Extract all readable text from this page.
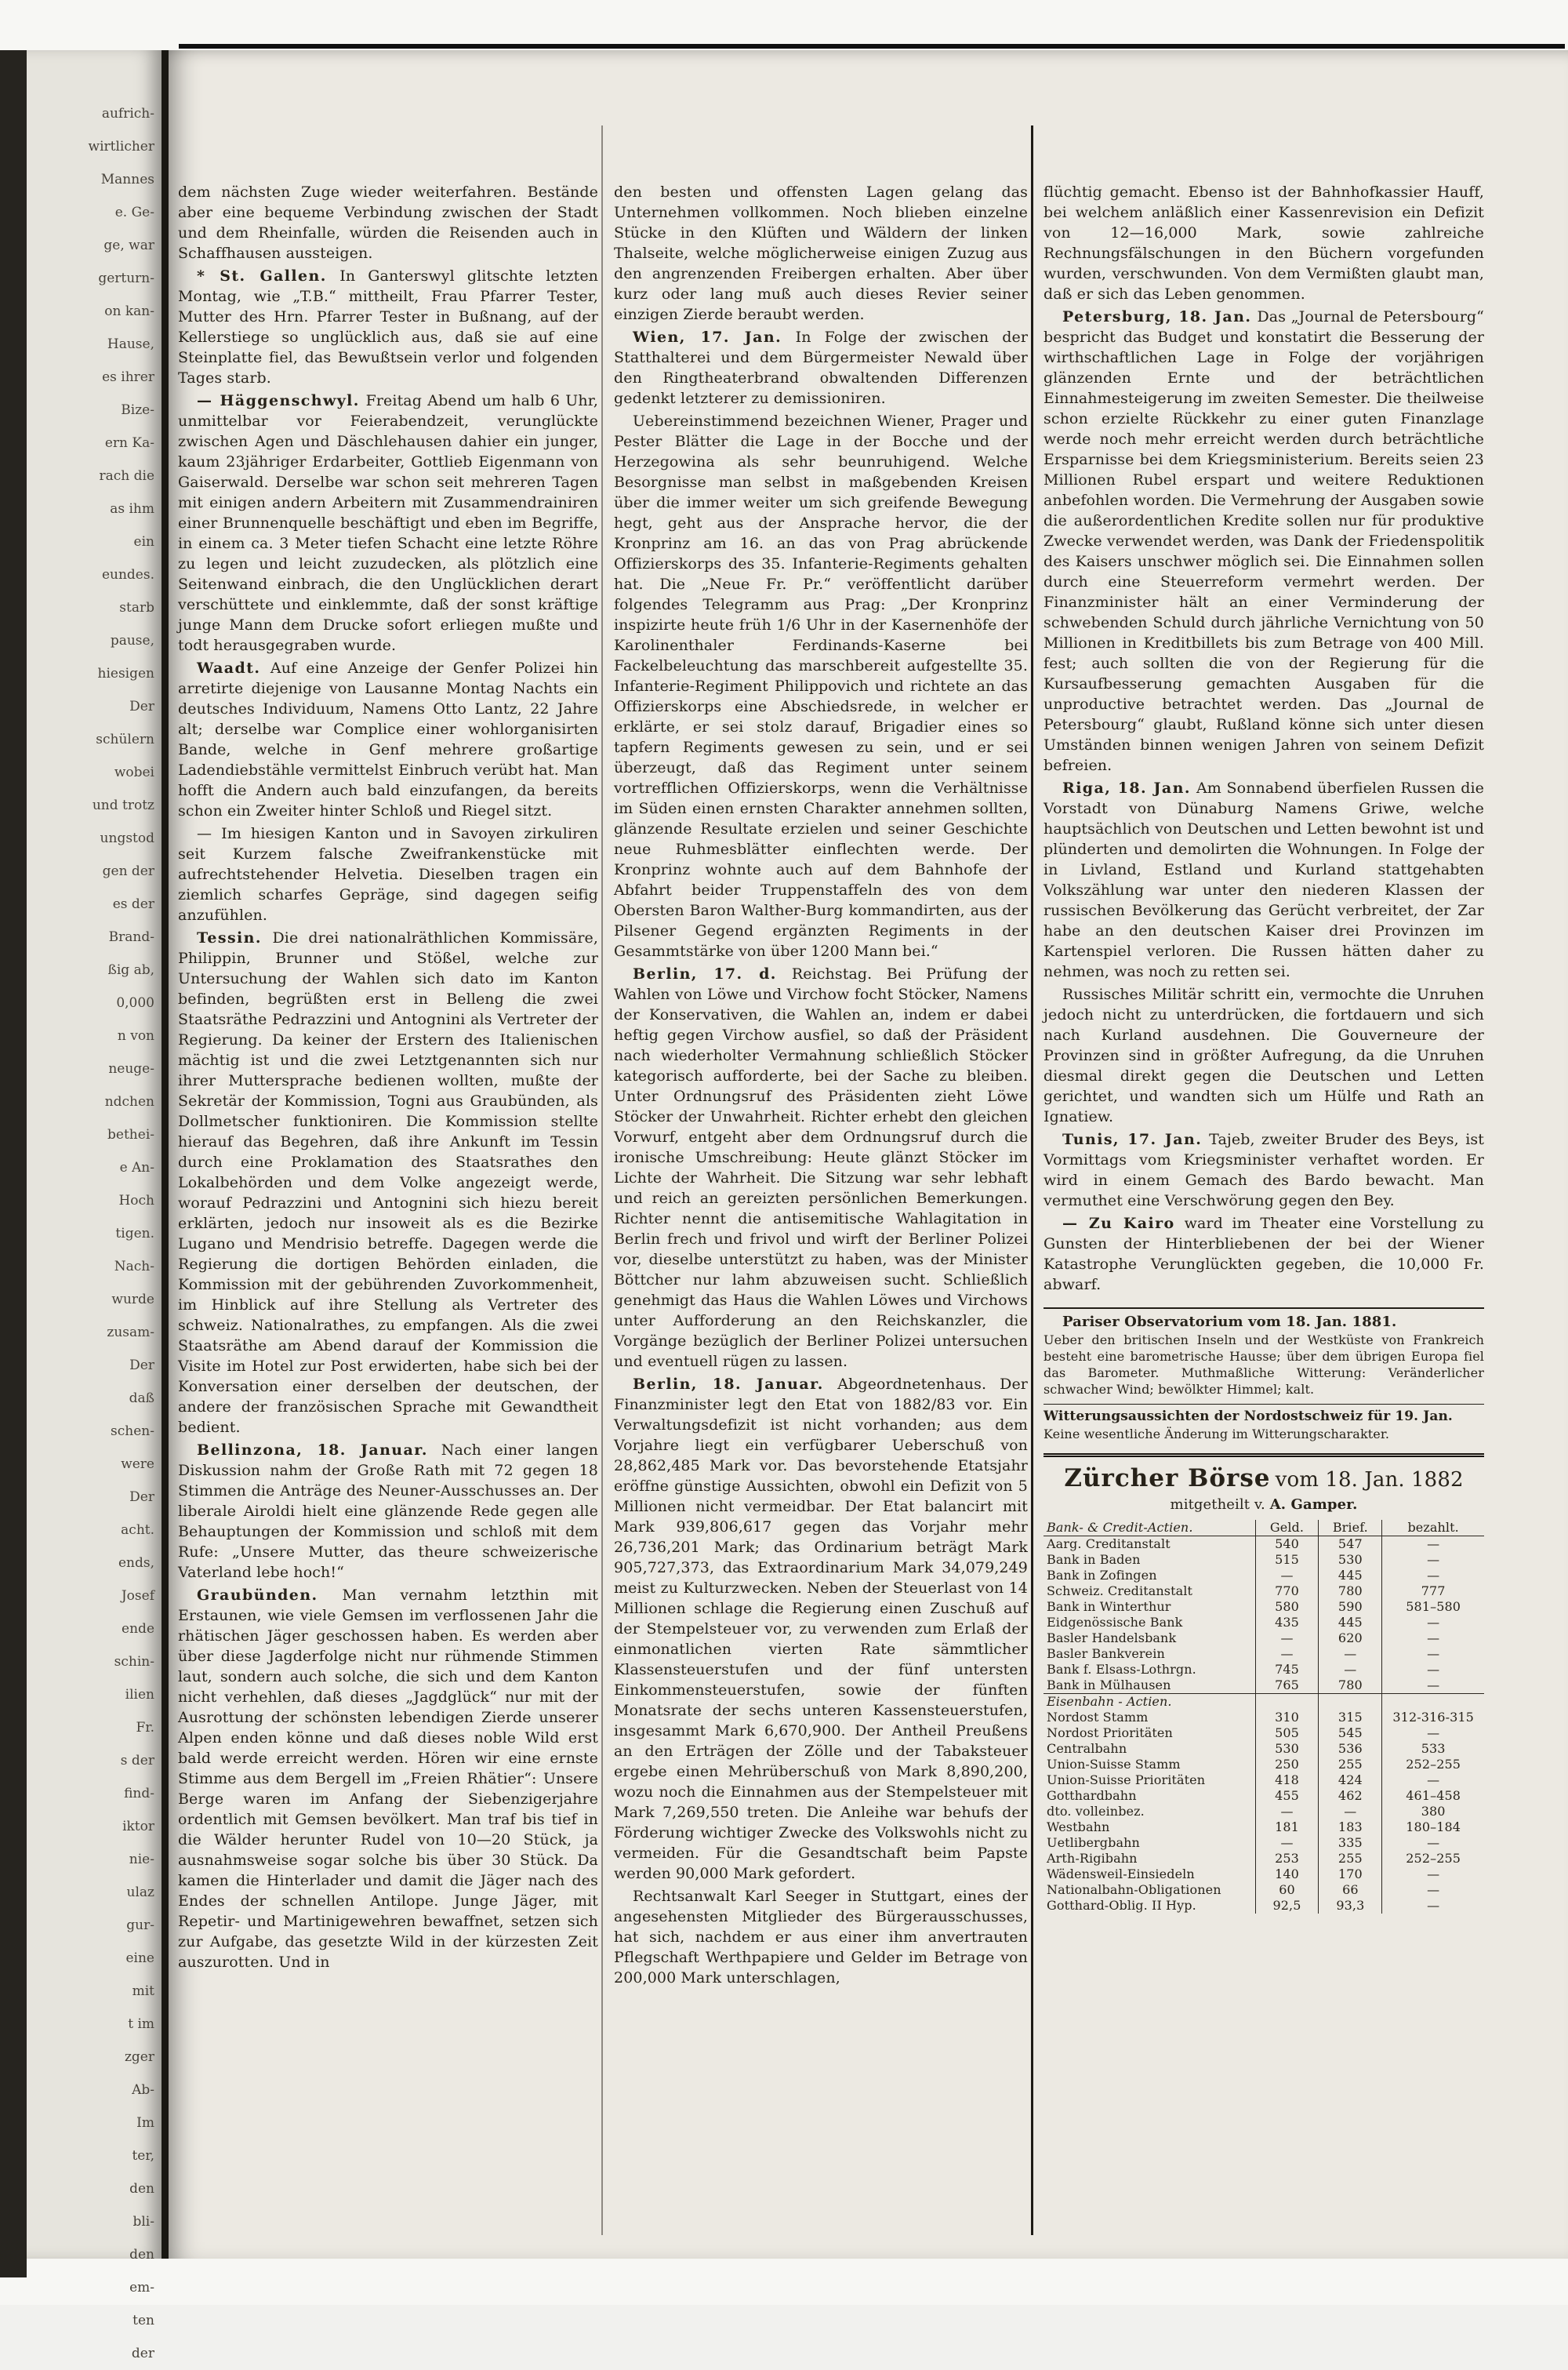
aufrich-
wirtlicher
Mannes
e. Ge-
ge, war
gerturn-
on kan-
Hause,
es ihrer
Bize-
ern Ka-
rach die
as ihm
ein
eundes.
starb
pause,
hiesigen
Der
schülern
wobei
und trotz
ungstod
gen der
es der
Brand-
ßig ab,
0,000
n von
neuge-
ndchen
bethei-
e An-
Hoch
tigen.
Nach-
wurde
zusam-
Der
daß
schen-
were
Der
acht.
ends,
Josef
ende
schin-
ilien
Fr.
s der
find-
iktor
nie-
ulaz
gur-
eine
mit
t im
zger
Ab-
Im
ter,
den
bli-
den
em-
ten
der

dem nächsten Zuge wieder weiterfahren. Bestände aber eine bequeme Verbindung zwischen der Stadt und dem Rheinfalle, würden die Reisenden auch in Schaffhausen aussteigen.

* St. Gallen. In Ganterswyl glitschte letzten Montag, wie „T.B.“ mittheilt, Frau Pfarrer Tester, Mutter des Hrn. Pfarrer Tester in Bußnang, auf der Kellerstiege so unglücklich aus, daß sie auf eine Steinplatte fiel, das Bewußtsein verlor und folgenden Tages starb.

— Häggenschwyl. Freitag Abend um halb 6 Uhr, unmittelbar vor Feierabendzeit, verunglückte zwischen Agen und Däschlehausen dahier ein junger, kaum 23jähriger Erdarbeiter, Gottlieb Eigenmann von Gaiserwald. Derselbe war schon seit mehreren Tagen mit einigen andern Arbeitern mit Zusammendrainiren einer Brunnenquelle beschäftigt und eben im Begriffe, in einem ca. 3 Meter tiefen Schacht eine letzte Röhre zu legen und leicht zuzudecken, als plötzlich eine Seitenwand einbrach, die den Unglücklichen derart verschüttete und einklemmte, daß der sonst kräftige junge Mann dem Drucke sofort erliegen mußte und todt herausgegraben wurde.

Waadt. Auf eine Anzeige der Genfer Polizei hin arretirte diejenige von Lausanne Montag Nachts ein deutsches Individuum, Namens Otto Lantz, 22 Jahre alt; derselbe war Complice einer wohlorganisirten Bande, welche in Genf mehrere großartige Ladendiebstähle vermittelst Einbruch verübt hat. Man hofft die Andern auch bald einzufangen, da bereits schon ein Zweiter hinter Schloß und Riegel sitzt.

— Im hiesigen Kanton und in Savoyen zirkuliren seit Kurzem falsche Zweifrankenstücke mit aufrechtstehender Helvetia. Dieselben tragen ein ziemlich scharfes Gepräge, sind dagegen seifig anzufühlen.

Tessin. Die drei nationalräthlichen Kommissäre, Philippin, Brunner und Stößel, welche zur Untersuchung der Wahlen sich dato im Kanton befinden, begrüßten erst in Belleng die zwei Staatsräthe Pedrazzini und Antognini als Vertreter der Regierung. Da keiner der Erstern des Italienischen mächtig ist und die zwei Letztgenannten sich nur ihrer Muttersprache bedienen wollten, mußte der Sekretär der Kommission, Togni aus Graubünden, als Dollmetscher funktioniren. Die Kommission stellte hierauf das Begehren, daß ihre Ankunft im Tessin durch eine Proklamation des Staatsrathes den Lokalbehörden und dem Volke angezeigt werde, worauf Pedrazzini und Antognini sich hiezu bereit erklärten, jedoch nur insoweit als es die Bezirke Lugano und Mendrisio betreffe. Dagegen werde die Regierung die dortigen Behörden einladen, die Kommission mit der gebührenden Zuvorkommenheit, im Hinblick auf ihre Stellung als Vertreter des schweiz. Nationalrathes, zu empfangen. Als die zwei Staatsräthe am Abend darauf der Kommission die Visite im Hotel zur Post erwiderten, habe sich bei der Konversation einer derselben der deutschen, der andere der französischen Sprache mit Gewandtheit bedient.

Bellinzona, 18. Januar. Nach einer langen Diskussion nahm der Große Rath mit 72 gegen 18 Stimmen die Anträge des Neuner-Ausschusses an. Der liberale Airoldi hielt eine glänzende Rede gegen alle Behauptungen der Kommission und schloß mit dem Rufe: „Unsere Mutter, das theure schweizerische Vaterland lebe hoch!“

Graubünden. Man vernahm letzthin mit Erstaunen, wie viele Gemsen im verflossenen Jahr die rhätischen Jäger geschossen haben. Es werden aber über diese Jagderfolge nicht nur rühmende Stimmen laut, sondern auch solche, die sich und dem Kanton nicht verhehlen, daß dieses „Jagdglück“ nur mit der Ausrottung der schönsten lebendigen Zierde unserer Alpen enden könne und daß dieses noble Wild erst bald werde erreicht werden. Hören wir eine ernste Stimme aus dem Bergell im „Freien Rhätier“: Unsere Berge waren im Anfang der Siebenzigerjahre ordentlich mit Gemsen bevölkert. Man traf bis tief in die Wälder herunter Rudel von 10—20 Stück, ja ausnahmsweise sogar solche bis über 30 Stück. Da kamen die Hinterlader und damit die Jäger nach des Endes der schnellen Antilope. Junge Jäger, mit Repetir- und Martinigewehren bewaffnet, setzen sich zur Aufgabe, das gesetzte Wild in der kürzesten Zeit auszurotten. Und in

den besten und offensten Lagen gelang das Unternehmen vollkommen. Noch blieben einzelne Stücke in den Klüften und Wäldern der linken Thalseite, welche möglicherweise einigen Zuzug aus den angrenzenden Freibergen erhalten. Aber über kurz oder lang muß auch dieses Revier seiner einzigen Zierde beraubt werden.

Wien, 17. Jan. In Folge der zwischen der Statthalterei und dem Bürgermeister Newald über den Ringtheaterbrand obwaltenden Differenzen gedenkt letzterer zu demissioniren.

Uebereinstimmend bezeichnen Wiener, Prager und Pester Blätter die Lage in der Bocche und der Herzegowina als sehr beunruhigend. Welche Besorgnisse man selbst in maßgebenden Kreisen über die immer weiter um sich greifende Bewegung hegt, geht aus der Ansprache hervor, die der Kronprinz am 16. an das von Prag abrückende Offizierskorps des 35. Infanterie-Regiments gehalten hat. Die „Neue Fr. Pr.“ veröffentlicht darüber folgendes Telegramm aus Prag: „Der Kronprinz inspizirte heute früh 1/6 Uhr in der Kasernenhöfe der Karolinenthaler Ferdinands-Kaserne bei Fackelbeleuchtung das marschbereit aufgestellte 35. Infanterie-Regiment Philippovich und richtete an das Offizierskorps eine Abschiedsrede, in welcher er erklärte, er sei stolz darauf, Brigadier eines so tapfern Regiments gewesen zu sein, und er sei überzeugt, daß das Regiment unter seinem vortrefflichen Offizierskorps, wenn die Verhältnisse im Süden einen ernsten Charakter annehmen sollten, glänzende Resultate erzielen und seiner Geschichte neue Ruhmesblätter einflechten werde. Der Kronprinz wohnte auch auf dem Bahnhofe der Abfahrt beider Truppenstaffeln des von dem Obersten Baron Walther-Burg kommandirten, aus der Pilsener Gegend ergänzten Regiments in der Gesammtstärke von über 1200 Mann bei.“

Berlin, 17. d. Reichstag. Bei Prüfung der Wahlen von Löwe und Virchow focht Stöcker, Namens der Konservativen, die Wahlen an, indem er dabei heftig gegen Virchow ausfiel, so daß der Präsident nach wiederholter Vermahnung schließlich Stöcker kategorisch aufforderte, bei der Sache zu bleiben. Unter Ordnungsruf des Präsidenten zieht Löwe Stöcker der Unwahrheit. Richter erhebt den gleichen Vorwurf, entgeht aber dem Ordnungsruf durch die ironische Umschreibung: Heute glänzt Stöcker im Lichte der Wahrheit. Die Sitzung war sehr lebhaft und reich an gereizten persönlichen Bemerkungen. Richter nennt die antisemitische Wahlagitation in Berlin frech und frivol und wirft der Berliner Polizei vor, dieselbe unterstützt zu haben, was der Minister Böttcher nur lahm abzuweisen sucht. Schließlich genehmigt das Haus die Wahlen Löwes und Virchows unter Aufforderung an den Reichskanzler, die Vorgänge bezüglich der Berliner Polizei untersuchen und eventuell rügen zu lassen.

Berlin, 18. Januar. Abgeordnetenhaus. Der Finanzminister legt den Etat von 1882/83 vor. Ein Verwaltungsdefizit ist nicht vorhanden; aus dem Vorjahre liegt ein verfügbarer Ueberschuß von 28,862,485 Mark vor. Das bevorstehende Etatsjahr eröffne günstige Aussichten, obwohl ein Defizit von 5 Millionen nicht vermeidbar. Der Etat balancirt mit Mark 939,806,617 gegen das Vorjahr mehr 26,736,201 Mark; das Ordinarium beträgt Mark 905,727,373, das Extraordinarium Mark 34,079,249 meist zu Kulturzwecken. Neben der Steuerlast von 14 Millionen schlage die Regierung einen Zuschuß auf der Stempelsteuer vor, zu verwenden zum Erlaß der einmonatlichen vierten Rate sämmtlicher Klassensteuerstufen und der fünf untersten Einkommensteuerstufen, sowie der fünften Monatsrate der sechs unteren Kassensteuerstufen, insgesammt Mark 6,670,900. Der Antheil Preußens an den Erträgen der Zölle und der Tabaksteuer ergebe einen Mehrüberschuß von Mark 8,890,200, wozu noch die Einnahmen aus der Stempelsteuer mit Mark 7,269,550 treten. Die Anleihe war behufs der Förderung wichtiger Zwecke des Volkswohls nicht zu vermeiden. Für die Gesandtschaft beim Papste werden 90,000 Mark gefordert.

Rechtsanwalt Karl Seeger in Stuttgart, eines der angesehensten Mitglieder des Bürgerausschusses, hat sich, nachdem er aus einer ihm anvertrauten Pflegschaft Werthpapiere und Gelder im Betrage von 200,000 Mark unterschlagen,

flüchtig gemacht. Ebenso ist der Bahnhofkassier Hauff, bei welchem anläßlich einer Kassenrevision ein Defizit von 12—16,000 Mark, sowie zahlreiche Rechnungsfälschungen in den Büchern vorgefunden wurden, verschwunden. Von dem Vermißten glaubt man, daß er sich das Leben genommen.

Petersburg, 18. Jan. Das „Journal de Petersbourg“ bespricht das Budget und konstatirt die Besserung der wirthschaftlichen Lage in Folge der vorjährigen glänzenden Ernte und der beträchtlichen Einnahmesteigerung im zweiten Semester. Die theilweise schon erzielte Rückkehr zu einer guten Finanzlage werde noch mehr erreicht werden durch beträchtliche Ersparnisse bei dem Kriegsministerium. Bereits seien 23 Millionen Rubel erspart und weitere Reduktionen anbefohlen worden. Die Vermehrung der Ausgaben sowie die außerordentlichen Kredite sollen nur für produktive Zwecke verwendet werden, was Dank der Friedenspolitik des Kaisers unschwer möglich sei. Die Einnahmen sollen durch eine Steuerreform vermehrt werden. Der Finanzminister hält an einer Verminderung der schwebenden Schuld durch jährliche Vernichtung von 50 Millionen in Kreditbillets bis zum Betrage von 400 Mill. fest; auch sollten die von der Regierung für die Kursaufbesserung gemachten Ausgaben für die unproductive betrachtet werden. Das „Journal de Petersbourg“ glaubt, Rußland könne sich unter diesen Umständen binnen wenigen Jahren von seinem Defizit befreien.

Riga, 18. Jan. Am Sonnabend überfielen Russen die Vorstadt von Dünaburg Namens Griwe, welche hauptsächlich von Deutschen und Letten bewohnt ist und plünderten und demolirten die Wohnungen. In Folge der in Livland, Estland und Kurland stattgehabten Volkszählung war unter den niederen Klassen der russischen Bevölkerung das Gerücht verbreitet, der Zar habe an den deutschen Kaiser drei Provinzen im Kartenspiel verloren. Die Russen hätten daher zu nehmen, was noch zu retten sei.

Russisches Militär schritt ein, vermochte die Unruhen jedoch nicht zu unterdrücken, die fortdauern und sich nach Kurland ausdehnen. Die Gouverneure der Provinzen sind in größter Aufregung, da die Unruhen diesmal direkt gegen die Deutschen und Letten gerichtet, und wandten sich um Hülfe und Rath an Ignatiew.

Tunis, 17. Jan. Tajeb, zweiter Bruder des Beys, ist Vormittags vom Kriegsminister verhaftet worden. Er wird in einem Gemach des Bardo bewacht. Man vermuthet eine Verschwörung gegen den Bey.

— Zu Kairo ward im Theater eine Vorstellung zu Gunsten der Hinterbliebenen der bei der Wiener Katastrophe Verunglückten gegeben, die 10,000 Fr. abwarf.

Pariser Observatorium vom 18. Jan. 1881.
Ueber den britischen Inseln und der Westküste von Frankreich besteht eine barometrische Hausse; über dem übrigen Europa fiel das Barometer. Muthmaßliche Witterung: Veränderlicher schwacher Wind; bewölkter Himmel; kalt.
Witterungsaussichten der Nordostschweiz für 19. Jan.
Keine wesentliche Änderung im Witterungscharakter.
Zürcher Börse vom 18. Jan. 1882
mitgetheilt v. A. Gamper.
Bank- & Credit-Actien.	Geld.	Brief.	bezahlt.
Aarg. Creditanstalt	540	547	—
Bank in Baden	515	530	—
Bank in Zofingen	—	445	—
Schweiz. Creditanstalt	770	780	777
Bank in Winterthur	580	590	581–580
Eidgenössische Bank	435	445	—
Basler Handelsbank	—	620	—
Basler Bankverein	—	—	—
Bank f. Elsass-Lothrgn.	745	—	—
Bank in Mülhausen	765	780	—
Eisenbahn - Actien.			
Nordost Stamm	310	315	312-316-315
Nordost Prioritäten	505	545	—
Centralbahn	530	536	533
Union-Suisse Stamm	250	255	252–255
Union-Suisse Prioritäten	418	424	—
Gotthardbahn	455	462	461–458
dto. volleinbez.	—	—	380
Westbahn	181	183	180–184
Uetlibergbahn	—	335	—
Arth-Rigibahn	253	255	252–255
Wädensweil-Einsiedeln	140	170	—
Nationalbahn-Obligationen	60	66	—
Gotthard-Oblig. II Hyp.	92,5	93,3	—
